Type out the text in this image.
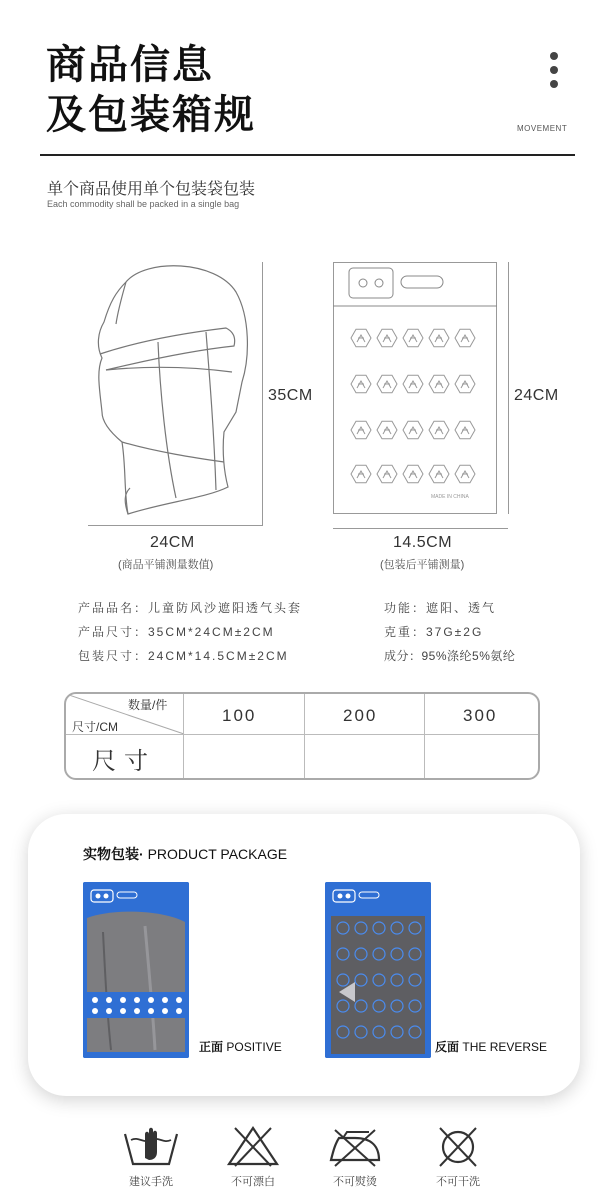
商品信息
及包装箱规	MOVEMENT
单个商品使用单个包装袋包装
Each commodity shall be packed in a single bag
MADE IN CHINA
35CM
24CM
(商品平铺测量数值)
24CM
14.5CM
(包装后平铺测量)
产品品名：儿童防风沙遮阳透气头套
产品尺寸：35CM*24CM±2CM
包装尺寸：24CM*14.5CM±2CM
功能：遮阳、透气
克重：37G±2G
成分：95%涤纶5%氨纶
数量/件
尺寸/CM
100	200	300
尺寸
实物包装· PRODUCT PACKAGE
正面 POSITIVE	反面 THE REVERSE
建议手洗	不可漂白	不可熨烫	不可干洗
